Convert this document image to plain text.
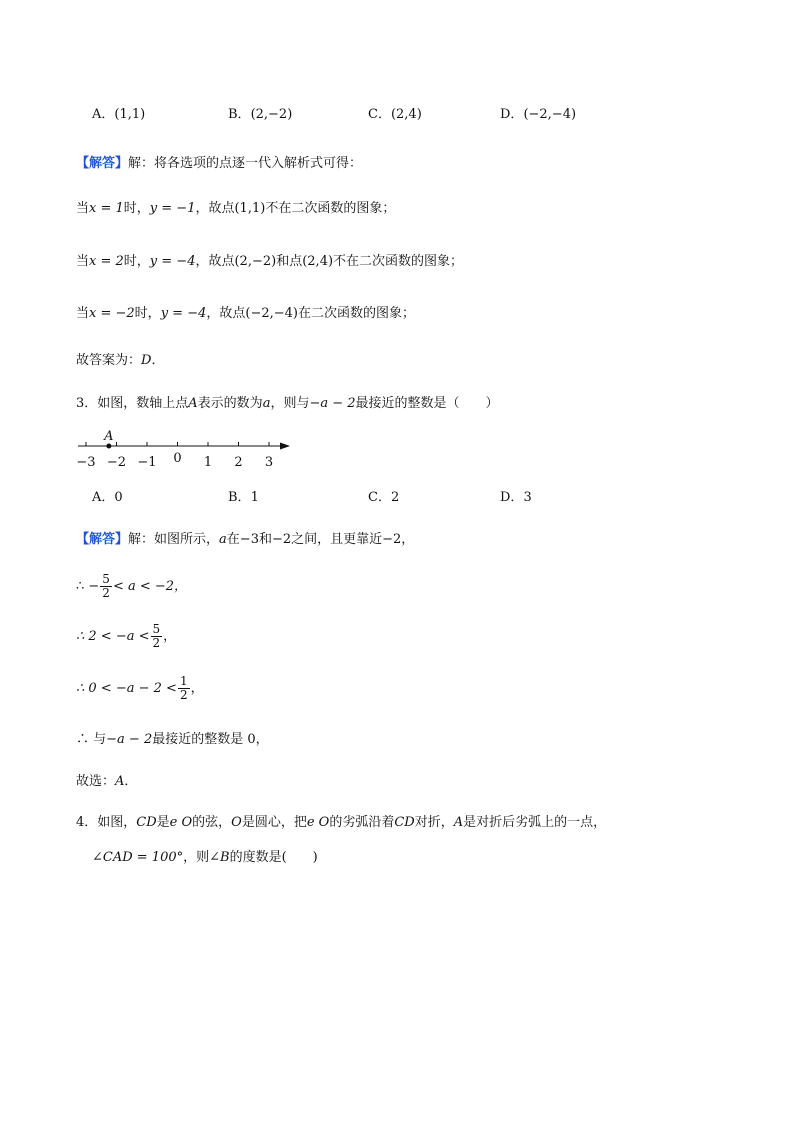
A．(1,1)	B．(2,−2)	C．(2,4)	D．(−2,−4)
【解答】解：将各选项的点逐一代入解析式可得：
当x = 1时，y = −1，故点(1,1)不在二次函数的图象；
当x = 2时，y = −4，故点(2,−2)和点(2,4)不在二次函数的图象；
当x = −2时，y = −4，故点(−2,−4)在二次函数的图象；
故答案为：D．
3．如图，数轴上点A表示的数为a，则与−a − 2最接近的整数是（　　）
−3 −2 −1 0 1 2 3
A
A．0	B．1	C．2	D．3
【解答】解：如图所示，a在−3和−2之间，且更靠近−2，
∴ − $\frac{5}{2} < a < -2$，
∴ $2 < -a < \frac{5}{2}$ ，
∴ $0 < -a - 2 < \frac{1}{2}$ ，
∴ 与−a − 2最接近的整数是 0，
故选：A．
4．如图，CD是e O的弦，O是圆心，把e O的劣弧沿着CD对折，A是对折后劣弧上的一点，
∠CAD = 100°，则∠B的度数是(　　)
